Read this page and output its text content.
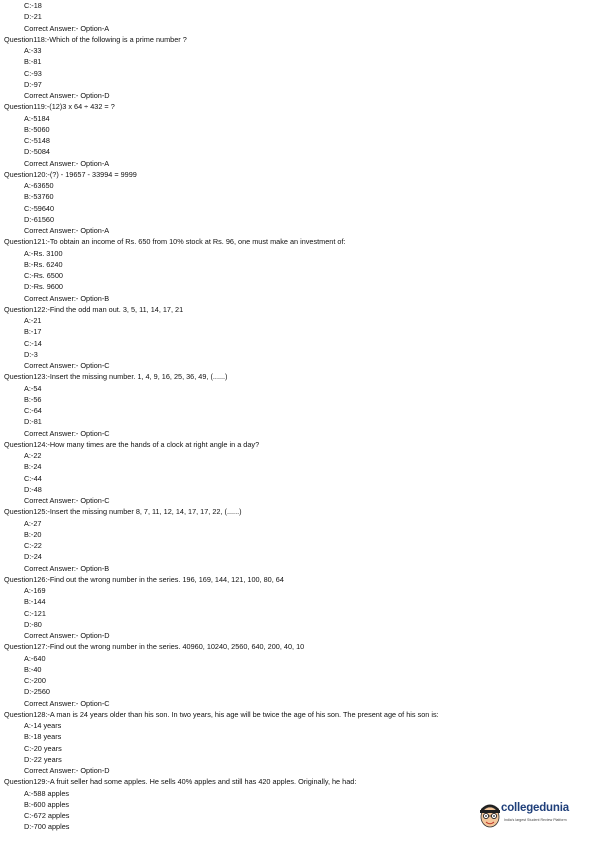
C:-18
D:-21
Correct Answer:- Option-A
Question118:-Which of the following is a prime number ?
A:-33
B:-81
C:-93
D:-97
Correct Answer:- Option-D
Question119:-(12)3 x 64 ÷ 432 = ?
A:-5184
B:-5060
C:-5148
D:-5084
Correct Answer:- Option-A
Question120:-(?) - 19657 - 33994 = 9999
A:-63650
B:-53760
C:-59640
D:-61560
Correct Answer:- Option-A
Question121:-To obtain an income of Rs. 650 from 10% stock at Rs. 96, one must make an investment of:
A:-Rs. 3100
B:-Rs. 6240
C:-Rs. 6500
D:-Rs. 9600
Correct Answer:- Option-B
Question122:-Find the odd man out. 3, 5, 11, 14, 17, 21
A:-21
B:-17
C:-14
D:-3
Correct Answer:- Option-C
Question123:-Insert the missing number. 1, 4, 9, 16, 25, 36, 49, (......)
A:-54
B:-56
C:-64
D:-81
Correct Answer:- Option-C
Question124:-How many times are the hands of a clock at right angle in a day?
A:-22
B:-24
C:-44
D:-48
Correct Answer:- Option-C
Question125:-Insert the missing number 8, 7, 11, 12, 14, 17, 17, 22, (......)
A:-27
B:-20
C:-22
D:-24
Correct Answer:- Option-B
Question126:-Find out the wrong number in the series. 196, 169, 144, 121, 100, 80, 64
A:-169
B:-144
C:-121
D:-80
Correct Answer:- Option-D
Question127:-Find out the wrong number in the series. 40960, 10240, 2560, 640, 200, 40, 10
A:-640
B:-40
C:-200
D:-2560
Correct Answer:- Option-C
Question128:-A man is 24 years older than his son. In two years, his age will be twice the age of his son. The present age of his son is:
A:-14 years
B:-18 years
C:-20 years
D:-22 years
Correct Answer:- Option-D
Question129:-A fruit seller had some apples. He sells 40% apples and still has 420 apples. Originally, he had:
A:-588 apples
B:-600 apples
C:-672 apples
D:-700 apples
collegedunia
India's largest Student Review Platform
